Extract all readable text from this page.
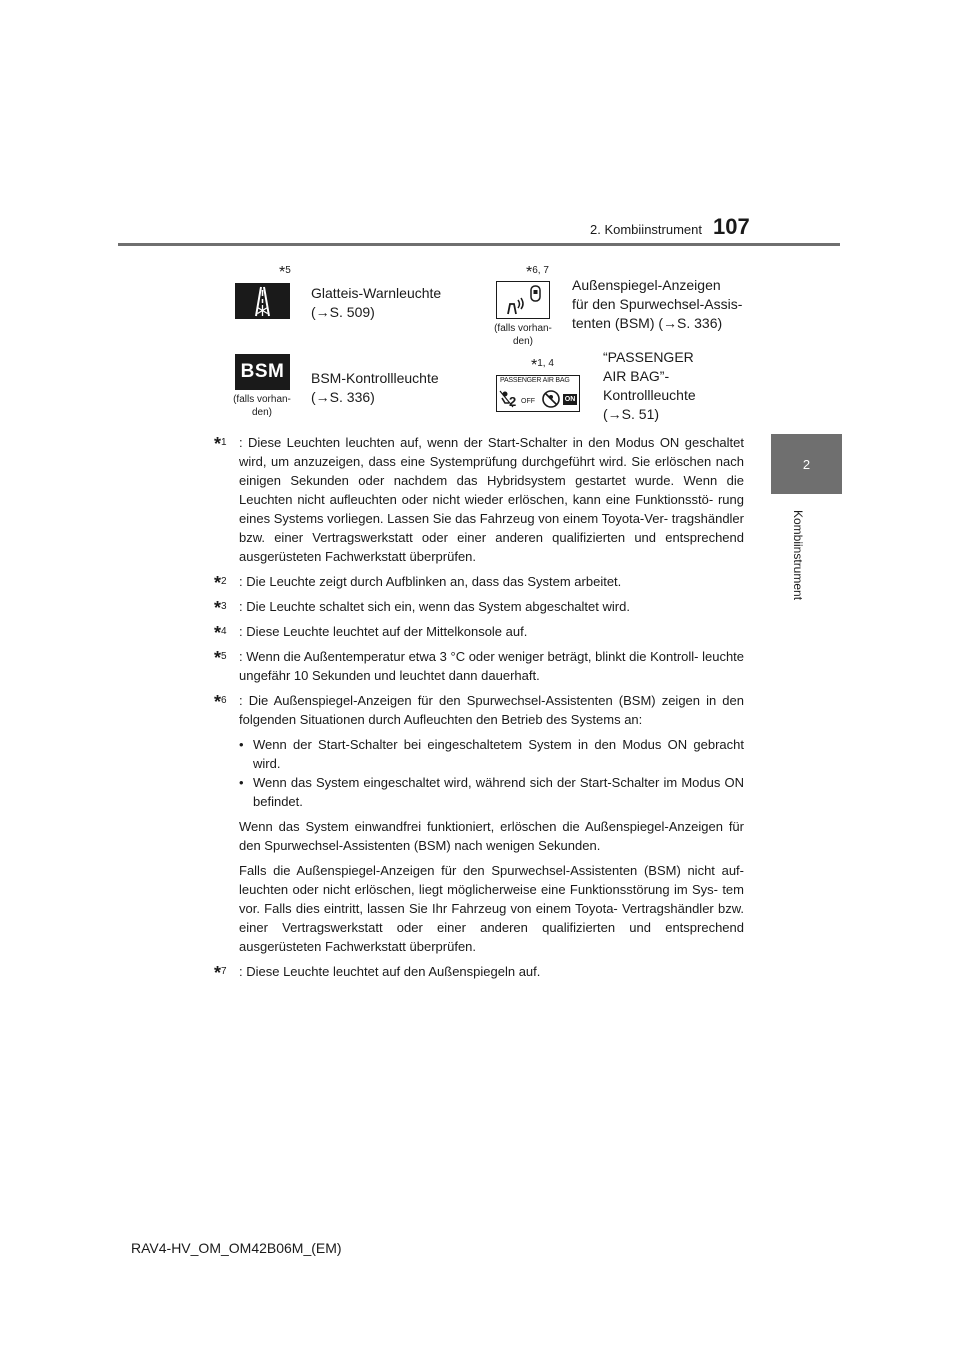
2. Kombiinstrument 107
2
Kombiinstrument
*$^5$
Glatteis-Warnleuchte
(→S. 509)
*$^{6, 7}$
(falls vorhan-
den)
Außenspiegel-Anzeigen
für den Spurwechsel-Assis-
tenten (BSM) (→S. 336)
BSM
(falls vorhan-
den)
BSM-Kontrollleuchte
(→S. 336)
*$^{1, 4}$
PASSENGER AIR BAG
2 OFF	ON
“PASSENGER
AIR BAG”-
Kontrollleuchte
(→S. 51)
*$^1$ : Diese Leuchten leuchten auf, wenn der Start-Schalter in den Modus ON geschaltet wird, um anzuzeigen, dass eine Systemprüfung durchgeführt wird. Sie erlöschen nach einigen Sekunden oder nachdem das Hybridsystem gestartet wurde. Wenn die Leuchten nicht aufleuchten oder nicht wieder erlöschen, kann eine Funktionsstö- rung eines Systems vorliegen. Lassen Sie das Fahrzeug von einem Toyota-Ver- tragshändler bzw. einer Vertragswerkstatt oder einer anderen qualifizierten und entsprechend ausgerüsteten Fachwerkstatt überprüfen.
*$^2$ : Die Leuchte zeigt durch Aufblinken an, dass das System arbeitet.
*$^3$ : Die Leuchte schaltet sich ein, wenn das System abgeschaltet wird.
*$^4$ : Diese Leuchte leuchtet auf der Mittelkonsole auf.
*$^5$ : Wenn die Außentemperatur etwa 3 °C oder weniger beträgt, blinkt die Kontroll- leuchte ungefähr 10 Sekunden und leuchtet dann dauerhaft.
*$^6$ : Die Außenspiegel-Anzeigen für den Spurwechsel-Assistenten (BSM) zeigen in den folgenden Situationen durch Aufleuchten den Betrieb des Systems an:

• Wenn der Start-Schalter bei eingeschaltetem System in den Modus ON gebracht wird.

• Wenn das System eingeschaltet wird, während sich der Start-Schalter im Modus ON befindet.

Wenn das System einwandfrei funktioniert, erlöschen die Außenspiegel-Anzeigen für den Spurwechsel-Assistenten (BSM) nach wenigen Sekunden.

Falls die Außenspiegel-Anzeigen für den Spurwechsel-Assistenten (BSM) nicht auf- leuchten oder nicht erlöschen, liegt möglicherweise eine Funktionsstörung im Sys- tem vor. Falls dies eintritt, lassen Sie Ihr Fahrzeug von einem Toyota- Vertragshändler bzw. einer Vertragswerkstatt oder einer anderen qualifizierten und entsprechend ausgerüsteten Fachwerkstatt überprüfen.

*$^7$ : Diese Leuchte leuchtet auf den Außenspiegeln auf.
RAV4-HV_OM_OM42B06M_(EM)
